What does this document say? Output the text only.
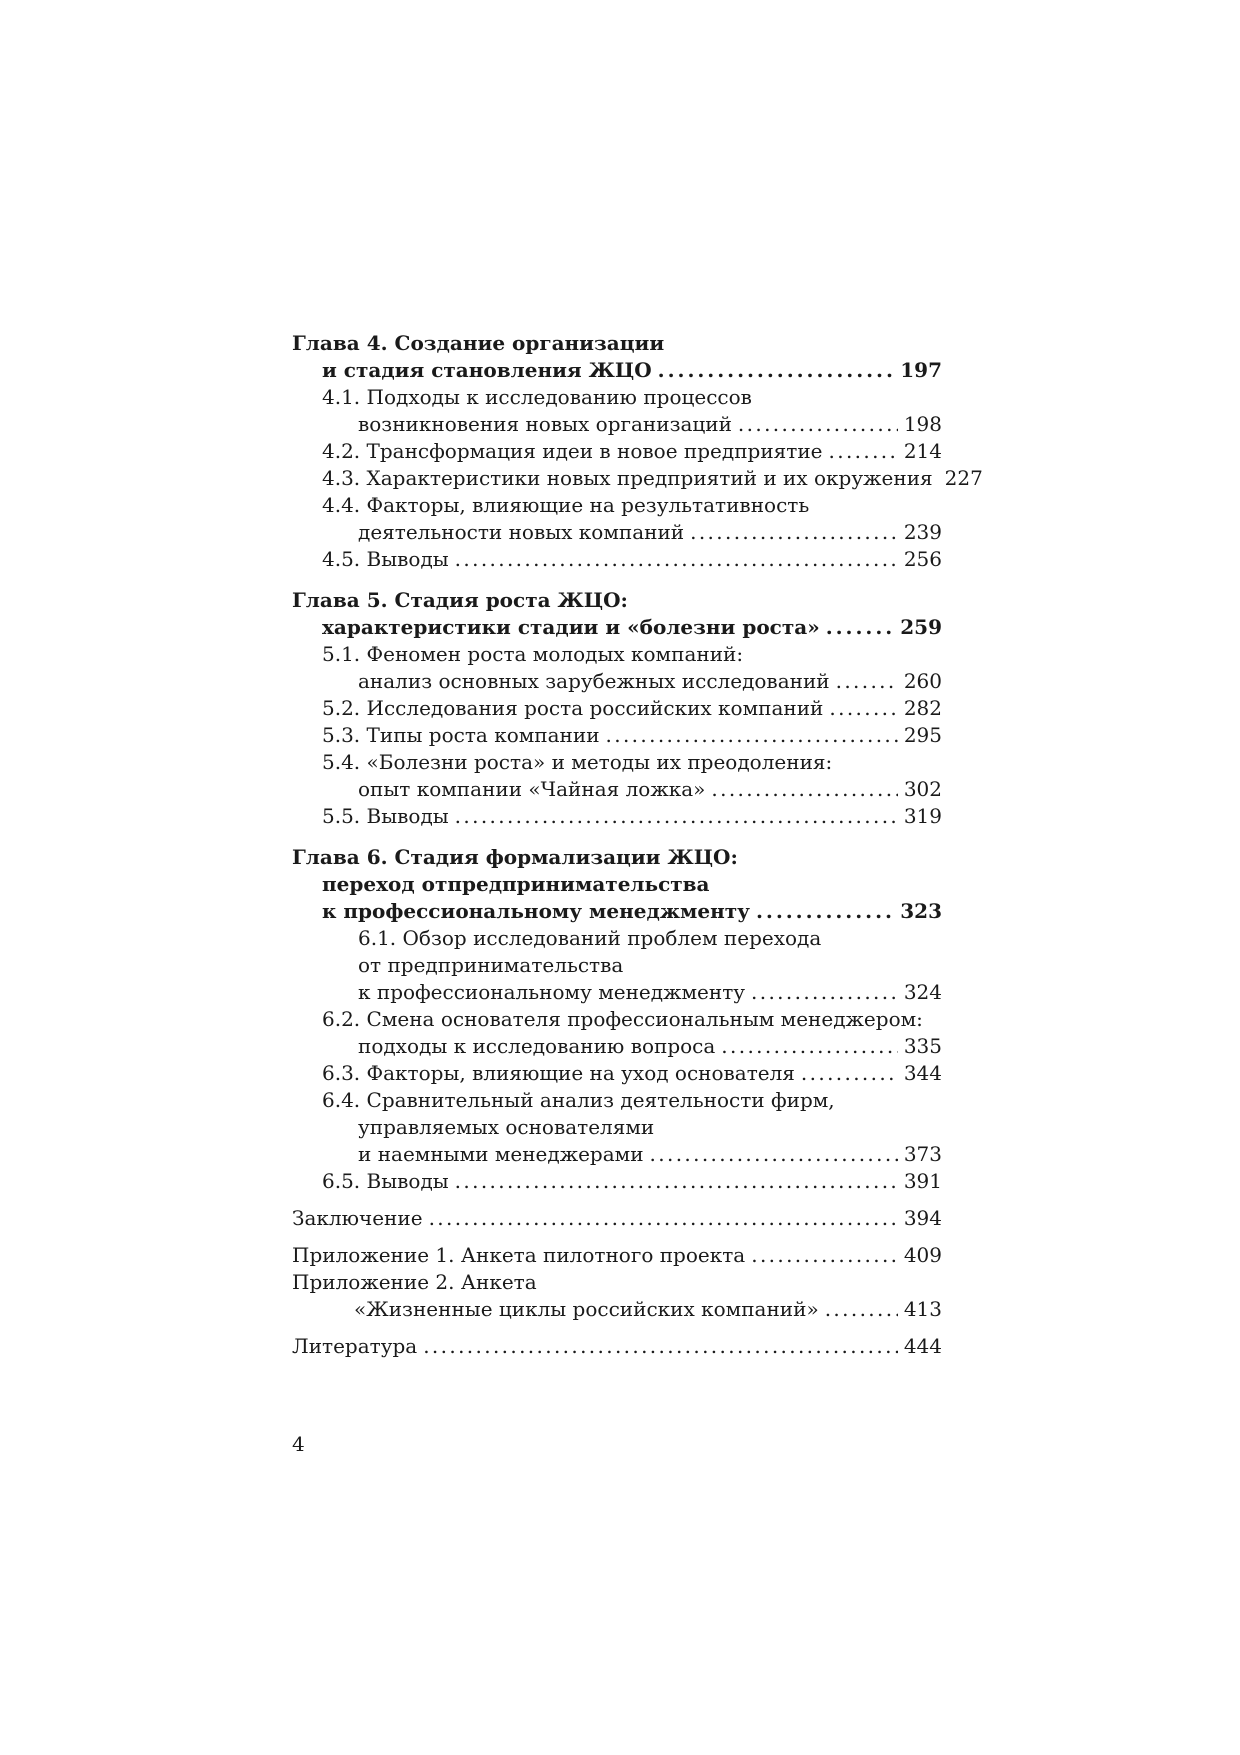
Глава 4. Создание организации
и стадия становления ЖЦО . . .	197
4.1. Подходы к исследованию процессов
возникновения новых организаций . . .	198
4.2. Трансформация идеи в новое предприятие . . .	214
4.3. Характеристики новых предприятий и их окружения 227
4.4. Факторы, влияющие на результативность
деятельности новых компаний . . .	239
4.5. Выводы . . .	256
Глава 5. Стадия роста ЖЦО:
характеристики стадии и «болезни роста» . . .	259
5.1. Феномен роста молодых компаний:
анализ основных зарубежных исследований . . .	260
5.2. Исследования роста российских компаний . . .	282
5.3. Типы роста компании . . .	295
5.4. «Болезни роста» и методы их преодоления:
опыт компании «Чайная ложка» . . .	302
5.5. Выводы . . .	319
Глава 6. Стадия формализации ЖЦО:
переход отпредпринимательства
к профессиональному менеджменту . . .	323
6.1. Обзор исследований проблем перехода
от предпринимательства
к профессиональному менеджменту . . .	324
6.2. Смена основателя профессиональным менеджером:
подходы к исследованию вопроса . . .	335
6.3. Факторы, влияющие на уход основателя . . .	344
6.4. Сравнительный анализ деятельности фирм,
управляемых основателями
и наемными менеджерами . . .	373
6.5. Выводы . . .	391
Заключение . . .	394
Приложение 1. Анкета пилотного проекта . . .	409
Приложение 2. Анкета
«Жизненные циклы российских компаний» . . .	413
Литература . . .	444
4
